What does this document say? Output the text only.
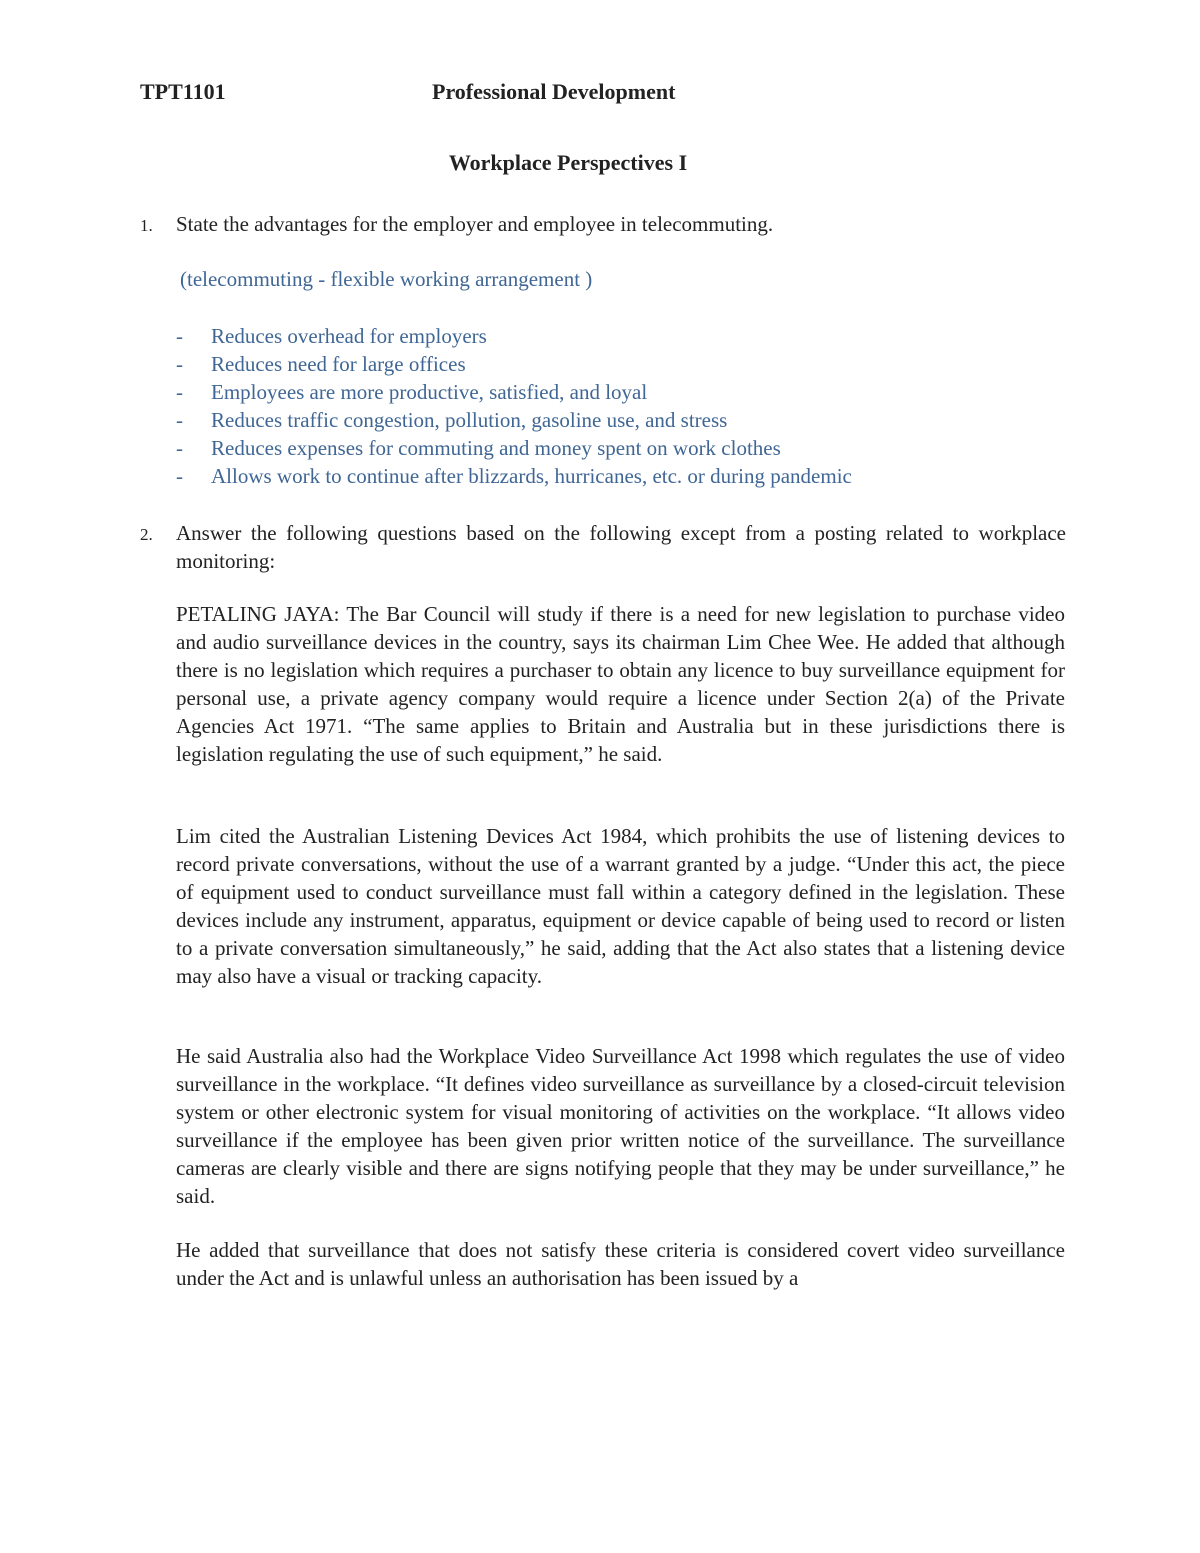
TPT1101	Professional Development
Workplace Perspectives I
1. State the advantages for the employer and employee in telecommuting.
(telecommuting - flexible working arrangement )
- Reduces overhead for employers
- Reduces need for large offices
- Employees are more productive, satisfied, and loyal
- Reduces traffic congestion, pollution, gasoline use, and stress
- Reduces expenses for commuting and money spent on work clothes
- Allows work to continue after blizzards, hurricanes, etc. or during pandemic
2. Answer the following questions based on the following except from a posting related to workplace monitoring:

PETALING JAYA: The Bar Council will study if there is a need for new legislation to purchase video and audio surveillance devices in the country, says its chairman Lim Chee Wee. He added that although there is no legislation which requires a purchaser to obtain any licence to buy surveillance equipment for personal use, a private agency company would require a licence under Section 2(a) of the Private Agencies Act 1971. “The same applies to Britain and Australia but in these jurisdictions there is legislation regulating the use of such equipment,” he said.

Lim cited the Australian Listening Devices Act 1984, which prohibits the use of listening devices to record private conversations, without the use of a warrant granted by a judge. “Under this act, the piece of equipment used to conduct surveillance must fall within a category defined in the legislation. These devices include any instrument, apparatus, equipment or device capable of being used to record or listen to a private conversation simultaneously,” he said, adding that the Act also states that a listening device may also have a visual or tracking capacity.

He said Australia also had the Workplace Video Surveillance Act 1998 which regulates the use of video surveillance in the workplace. “It defines video surveillance as surveillance by a closed-circuit television system or other electronic system for visual monitoring of activities on the workplace. “It allows video surveillance if the employee has been given prior written notice of the surveillance. The surveillance cameras are clearly visible and there are signs notifying people that they may be under surveillance,” he said.

He added that surveillance that does not satisfy these criteria is considered covert video surveillance under the Act and is unlawful unless an authorisation has been issued by a
